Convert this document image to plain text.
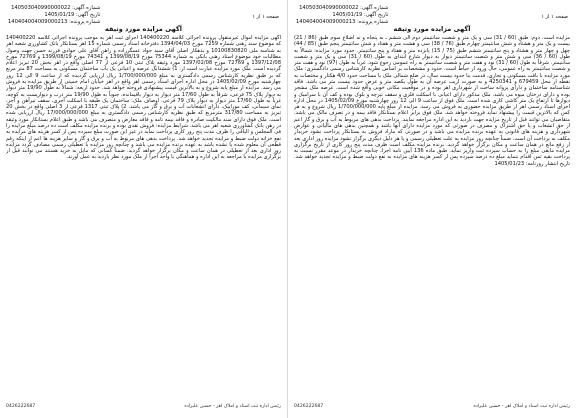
شماره آگهی: 140503040990000022
تاریخ آگهی: 1405/01/19
شماره پرونده: 140404004009000213
صفحه ۱ از ۱
آگهی مزایده مورد وثیقه

آگهی مزایده اموال غیرمنقول پرونده اجرائی کلاسه 140400220 اجرای ثبت اهر به موجب پرونده اجرائی کلاسه 140400220 که موضوع سند رهنی شماره 7259 مورخ 1394/04/03 دفترخانه اسناد رسمی شماره 15 اهر بستانکار بانک کشاورزی شعبه اهر به شناسه ملی 10100830820 و بدهکار اصلی آقای سید جواد عسگرزاده و راهن آقای علی جوادی فرزند حسن جهت وصول مطالبات خود موضوع اسناد رهنی بانکی به شماره 75344 مورخ 1399/08/19 و 74341 مورخ 1399/08/19 و 72769 مورخ 1397/12/08 و 72769 مورخ 1397/02/08 مورد وثیقه پلاک ثبتی 10 فرعی از 77 اصلی واقع در اهر بخش 20 تبریز اعلام گردیده است. ملک مورد مزایده عبارت است از: 1) ششدانگ عرصه و اعیانی یک باب ساختمان مسکونی به مساحت 87 متر مربع که بر طبق نظریه کارشناس رسمی دادگستری به مبلغ 1/700/000/000 ریال ارزیابی گردیده که از ساعت 9 الی 12 روز چهارشنبه مورخ 1405/02/09 در محل اداره اجرای اسناد رسمی اهر واقع در اهر خیابان امام خمینی از طریق مزایده به فروش می رسد. مزایده از مبلغ پایه شروع و به بالاترین قیمت پیشنهادی فروخته خواهد شد. حدود اربعه: شمالاً به طول 19/90 متر دیوار به دیوار پلاک 75 فرعی، شرقاً به طول 17/60 متر دیوار به دیوار باقیمانده، جنوباً به طول 19/90 متر درب و دیواریست به کوچه، غرباً به طول 17/60 متر دیوار به دیوار پلاک 79 فرعی. اوصاف ملک: ساختمان یک طبقه با اسکلت آجری، سقف تیرآهن و آجر، نمای سیمانی، کف موزاییک، دارای انشعابات آب و برق و گاز می باشد. 2) پلاک ثبتی 1317 فرعی از 3 اصلی واقع در بخش 20 تبریز به مساحت 317/80 مترمربع که طبق نظریه کارشناس رسمی دادگستری به مبلغ 17/000/000/000 ریال ارزیابی شده است. ملک فوق دارای سند مالکیت صادره و فاقد بیمه نامه و فاقد معارض و متصرف می باشد و طبق اعلام بستانکار مورد وثیقه در رهن بانک کشاورزی شعبه اهر می باشد. شرایط مزایده: فروش نقدی بوده و برنده مزایده مکلف است ده درصد مبلغ مزایده را فی المجلس و الباقی را ظرف مدت پنج روز کاری پرداخت نماید در غیر این صورت مبلغ سپرده پس از کسر هزینه های مزایده به نفع خزانه دولت ضبط و مزایده تجدید خواهد شد. پرداخت بدهی های مربوط به آب و برق و گاز و سایر هزینه ها اعم از اینکه رقم قطعی آن معلوم شده یا نشده باشد به عهده برنده مزایده می باشد و چنانچه روز مزایده با تعطیلی رسمی مصادف گردد مزایده روز اداری بعد از تعطیلی در همان ساعت و مکان برگزار خواهد گردید. ضمناً کسانی که مایل به خرید هستند می توانند قبل از برگزاری مزایده با مراجعه به این اداره و هماهنگی با واحد اجرا از ملک مورد نظر بازدید به عمل آورند.

رئیس اداره ثبت اسناد و املاک اهر - حسین علیزاده
0426222687
شماره آگهی: 140503040990000022
تاریخ آگهی: 1405/01/19
شماره پرونده: 140404004009000213
صفحه ۱ از ۱
آگهی مزایده مورد وثیقه

مزایده است. دوم: طبق (60 / 31) سی و یک متر و شصت سانتیمتر دوم الی ششم ـ به پنجاه و نه اضلاع سوم طبق (86 / 21) بیست و یک متر و هشتاد و شش سانتیمتر چهارم طبق (76 / 38) سی و هشت متر و هفتاد و شش سانتیمتر پنجم طبق (85 / 44) چهل و چهار متر و هشتاد و پنج سانتیمتر ششم طبق (75 / 15) پانزده متر و هفتاد و پنج سانتیمتر. حدود مورد مزایده: شمالاً به طول (60 / 36) سی و شش متر و شصت سانتیمتر دیوار به دیوار شارع ابتدای به طول (60 / 31) سی و یک متر و شصت سانتیمتر. شرقاً به طول (60 / 31) نود و هفت متر و شصت سانتیمتر به راه عمومی رجوع شود. غرباً به طول (97) نود و هفت متر و شصت سانتیمتر به راه عمومی، حال ورود از حیاط است. حدود و مشخصات بر اساس نظریه کارشناس رسمی دادگستری: ملک مورد مزایده با بافت مسکونی و تجاری، قدمت بنا حدود بیست سال، در ضلع شمالی ملک با مساحت حدود 4/0 هکتار و مختصات به نقطه از محل 679459 و 4250341 و به صورت اریب عرصه آن به طول یکصد متر و عرض حدود بیست متر می باشد. فاقد شناسنامه ساختمان و دارای پروانه ساخت از شهرداری اهر بوده و در موقعیت مکانی خوبی واقع شده است. عرصه ملک مشجر بوده و دارای درختان میوه می باشد. ملک مذکور دارای اعیانی با اسکلت فلزی و سقف تیرچه و بلوک بوده و کف آن با سرامیک و دیوارها تا ارتفاع یک متر کاشی کاری شده است. ملک فوق از ساعت 9 الی 12 روز چهارشنبه مورخ 1405/02/09 در محل اداره اجرای اسناد رسمی اهر از طریق مزایده حضوری به فروش می رسد. مزایده از مبلغ پایه 1/700/000/000 ریال شروع و به هر کس که بالاترین قیمت را پیشنهاد نماید فروخته خواهد شد. ملک فوق برابر اعلام بستانکار فاقد بیمه و در تصرف مالک می باشد. متقاضیان می توانند قبل از تاریخ مزایده جهت بازدید به این اداره مراجعه نمایند. پرداخت بدهی های مربوط به آب و برق و گاز اعم از حق انشعاب و یا حق اشتراک و مصرف در صورتی که مورد مزایده دارای آنها باشد و همچنین بدهی های مالیاتی و عوارض شهرداری و هزینه های قانونی به عهده برنده مزایده می باشد و در صورتی که مازاد فروش به بستانکار پرداخت نشود خریدار مکلف به پرداخت آن است. ضمناً چنانچه روز مزایده به علت تعطیلی رسمی و یا هر دلیل دیگری برگزار نشود مزایده روز اداری بعد از رفع مانع در همان ساعت و مکان برگزار خواهد گردید. برنده مزایده مکلف است ظرف مدت پنج روز کاری از تاریخ برگزاری مزایده مابقی مبلغ را به حساب سپرده ثبت واریز نماید. طبق ماده 136 آیین نامه اجرا، چنانچه خریدار در موعد مقرر نسبت به پرداخت بقیه ثمن اقدام ننماید مبلغ ده درصد سپرده پس از کسر هزینه های مزایده به نفع دولت ضبط و مزایده تجدید خواهد شد. تاریخ انتشار روزنامه: 1405/01/23

رئیس اداره ثبت اسناد و املاک اهر - حسین علیزاده
0426222687
